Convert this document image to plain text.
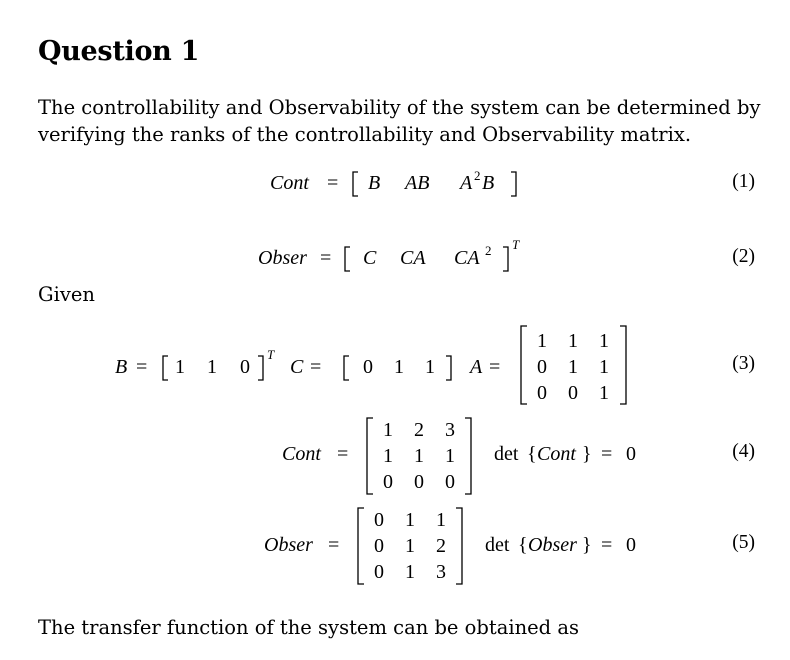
Question 1
The controllability and Observability of the system can be determined by verifying the ranks of the controllability and Observability matrix.
Cont = B AB A 2 B	(1)
Obser = C CA CA 2 T
(2)
Given
B = 1 1 0
T
C = 0 1 1 A =
1 1 1
0 1 1
0 0 1
(3)
Cont =
1 2 3
1 1 1
0 0 0
det { Cont } = 0	(4)
Obser =
0 1 1
0 1 2
0 1 3
det { Obser } = 0	(5)
The transfer function of the system can be obtained as
